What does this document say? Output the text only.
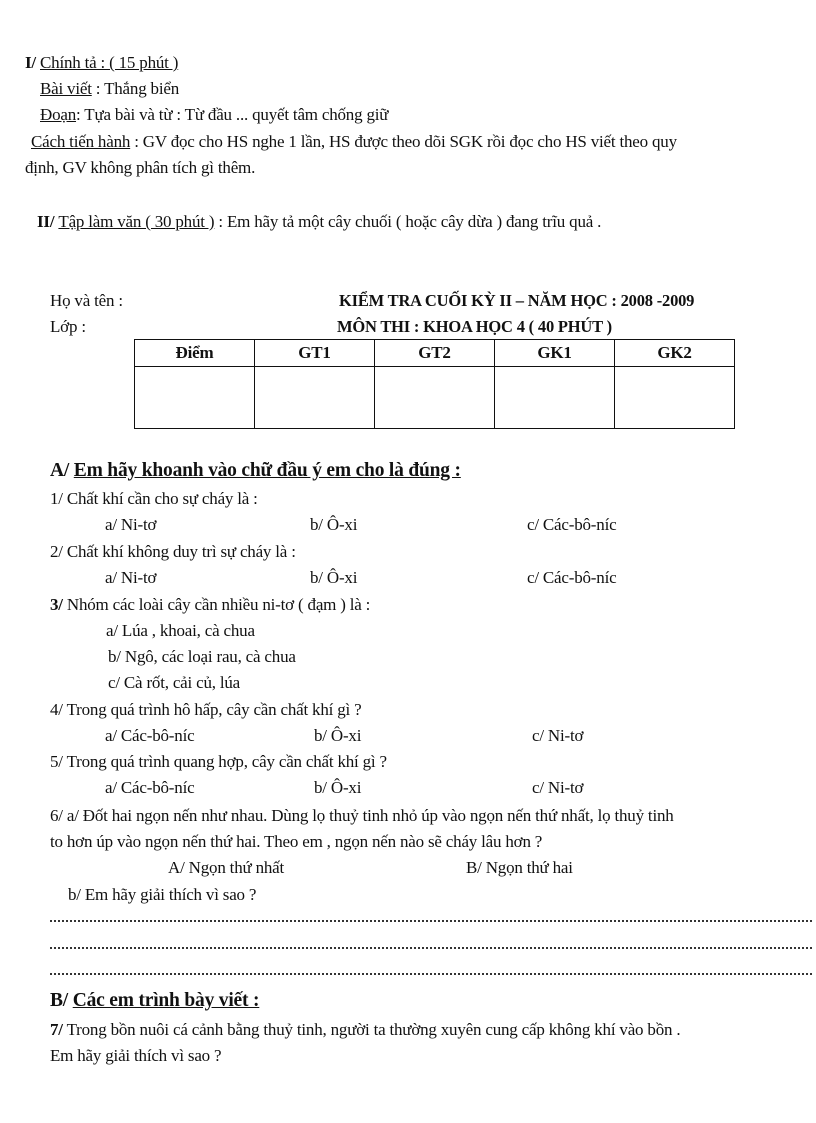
I/ Chính tả : ( 15 phút )
Bài viết : Thắng biển
Đoạn: Tựa bài và từ : Từ đầu ... quyết tâm chống giữ
Cách tiến hành : GV đọc cho HS nghe 1 lần, HS được theo dõi SGK rồi đọc cho HS viết theo quy
định, GV không phân tích gì thêm.
II/ Tập làm văn ( 30 phút ) : Em hãy tả một cây chuối ( hoặc cây dừa ) đang trĩu quả .
Họ và tên :	KIỂM TRA CUỐI KỲ II – NĂM HỌC : 2008 -2009
Lớp :	MÔN THI : KHOA HỌC 4 ( 40 PHÚT )
Điểm	GT1	GT2	GK1	GK2

A/ Em hãy khoanh vào chữ đầu ý em cho là đúng :
1/ Chất khí cần cho sự cháy là :
a/ Ni-tơ	b/ Ô-xi	c/ Các-bô-níc
2/ Chất khí không duy trì sự cháy là :
a/ Ni-tơ	b/ Ô-xi	c/ Các-bô-níc
3/ Nhóm các loài cây cần nhiều ni-tơ ( đạm ) là :
a/ Lúa , khoai, cà chua
b/ Ngô, các loại rau, cà chua
c/ Cà rốt, cải củ, lúa
4/ Trong quá trình hô hấp, cây cần chất khí gì ?
a/ Các-bô-níc	b/ Ô-xi	c/ Ni-tơ
5/ Trong quá trình quang hợp, cây cần chất khí gì ?
a/ Các-bô-níc	b/ Ô-xi	c/ Ni-tơ
6/ a/ Đốt hai ngọn nến như nhau. Dùng lọ thuỷ tinh nhỏ úp vào ngọn nến thứ nhất, lọ thuỷ tinh
to hơn úp vào ngọn nến thứ hai. Theo em , ngọn nến nào sẽ cháy lâu hơn ?
A/ Ngọn thứ nhất	B/ Ngọn thứ hai
b/ Em hãy giải thích vì sao ?
B/ Các em trình bày viết :
7/ Trong bồn nuôi cá cảnh bằng thuỷ tinh, người ta thường xuyên cung cấp không khí vào bồn .
Em hãy giải thích vì sao ?
